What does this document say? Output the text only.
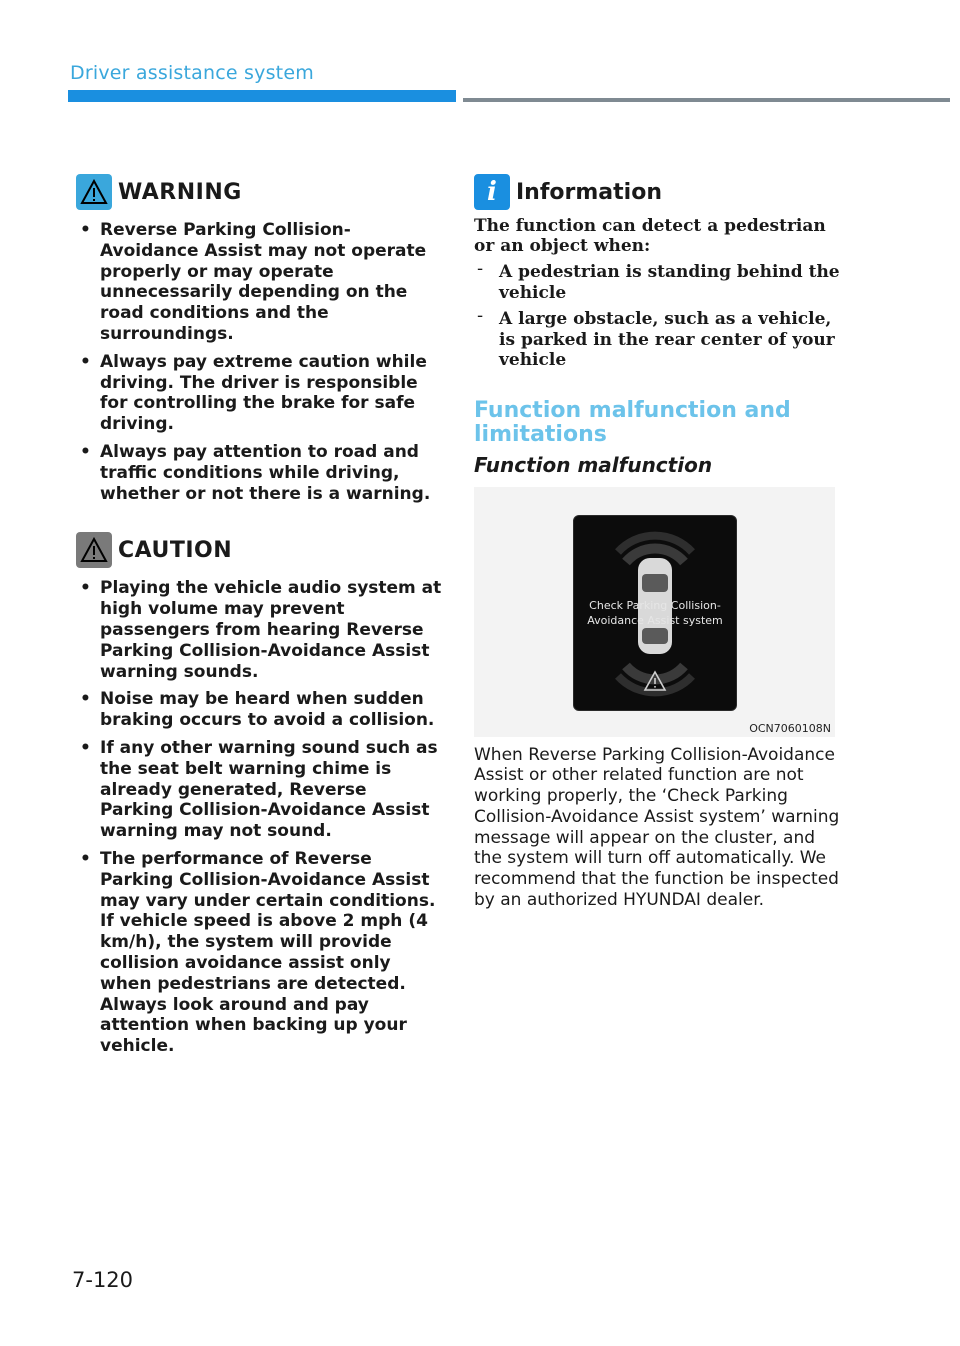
Driver assistance system
WARNING
• Reverse Parking Collision-Avoidance Assist may not operate properly or may operate unnecessarily depending on the road conditions and the surroundings.
• Always pay extreme caution while driving. The driver is responsible for controlling the brake for safe driving.
• Always pay attention to road and traffic conditions while driving, whether or not there is a warning.
CAUTION
• Playing the vehicle audio system at high volume may prevent passengers from hearing Reverse Parking Collision-Avoidance Assist warning sounds.
• Noise may be heard when sudden braking occurs to avoid a collision.
• If any other warning sound such as the seat belt warning chime is already generated, Reverse Parking Collision-Avoidance Assist warning may not sound.
• The performance of Reverse Parking Collision-Avoidance Assist may vary under certain conditions. If vehicle speed is above 2 mph (4 km/h), the system will provide collision avoidance assist only when pedestrians are detected. Always look around and pay attention when backing up your vehicle.
i Information
The function can detect a pedestrian or an object when:
- A pedestrian is standing behind the vehicle
- A large obstacle, such as a vehicle, is parked in the rear center of your vehicle
Function malfunction and limitations
Function malfunction
Check Parking Collision-
Avoidance Assist system
OCN7060108N
When Reverse Parking Collision-Avoidance Assist or other related function are not working properly, the ‘Check Parking Collision-Avoidance Assist system’ warning message will appear on the cluster, and the system will turn off automatically. We recommend that the function be inspected by an authorized HYUNDAI dealer.
7-120
